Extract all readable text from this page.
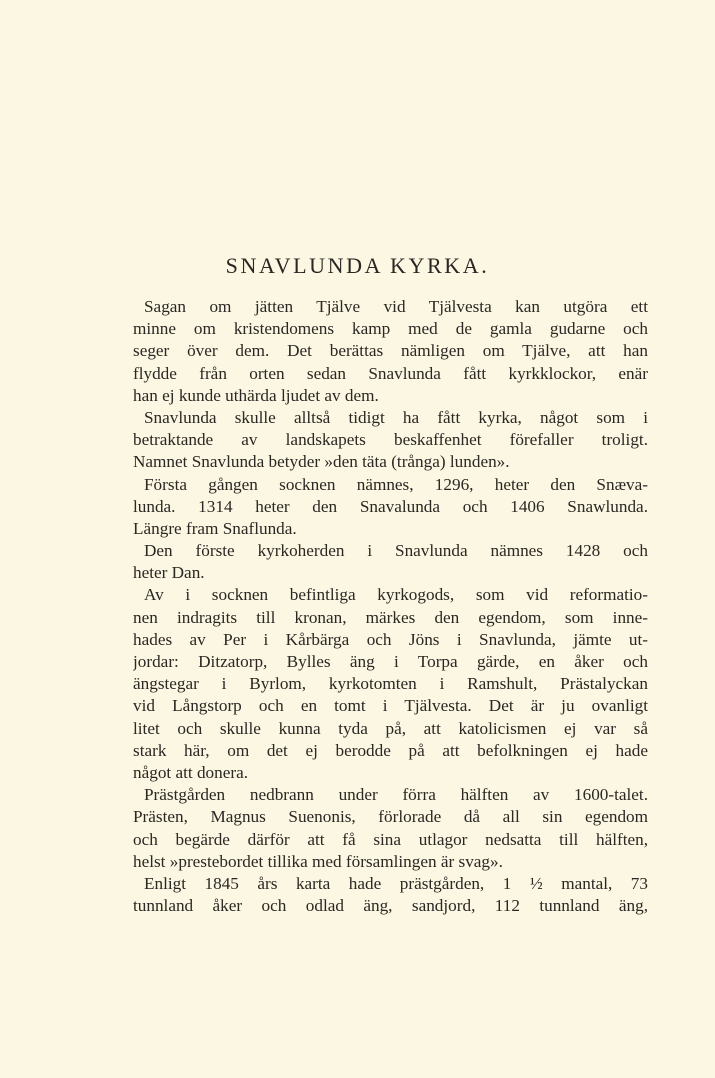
SNAVLUNDA KYRKA.
Sagan om jätten Tjälve vid Tjälvesta kan utgöra ett
minne om kristendomens kamp med de gamla gudarne och
seger över dem. Det berättas nämligen om Tjälve, att han
flydde från orten sedan Snavlunda fått kyrkklockor, enär
han ej kunde uthärda ljudet av dem.
Snavlunda skulle alltså tidigt ha fått kyrka, något som i
betraktande av landskapets beskaffenhet förefaller troligt.
Namnet Snavlunda betyder »den täta (trånga) lunden».
Första gången socknen nämnes, 1296, heter den Snæva-
lunda. 1314 heter den Snavalunda och 1406 Snawlunda.
Längre fram Snaflunda.
Den förste kyrkoherden i Snavlunda nämnes 1428 och
heter Dan.
Av i socknen befintliga kyrkogods, som vid reformatio-
nen indragits till kronan, märkes den egendom, som inne-
hades av Per i Kårbärga och Jöns i Snavlunda, jämte ut-
jordar: Ditzatorp, Bylles äng i Torpa gärde, en åker och
ängstegar i Byrlom, kyrkotomten i Ramshult, Prästalyckan
vid Långstorp och en tomt i Tjälvesta. Det är ju ovanligt
litet och skulle kunna tyda på, att katolicismen ej var så
stark här, om det ej berodde på att befolkningen ej hade
något att donera.
Prästgården nedbrann under förra hälften av 1600-talet.
Prästen, Magnus Suenonis, förlorade då all sin egendom
och begärde därför att få sina utlagor nedsatta till hälften,
helst »prestebordet tillika med församlingen är svag».
Enligt 1845 års karta hade prästgården, 1 ½ mantal, 73
tunnland åker och odlad äng, sandjord, 112 tunnland äng,
